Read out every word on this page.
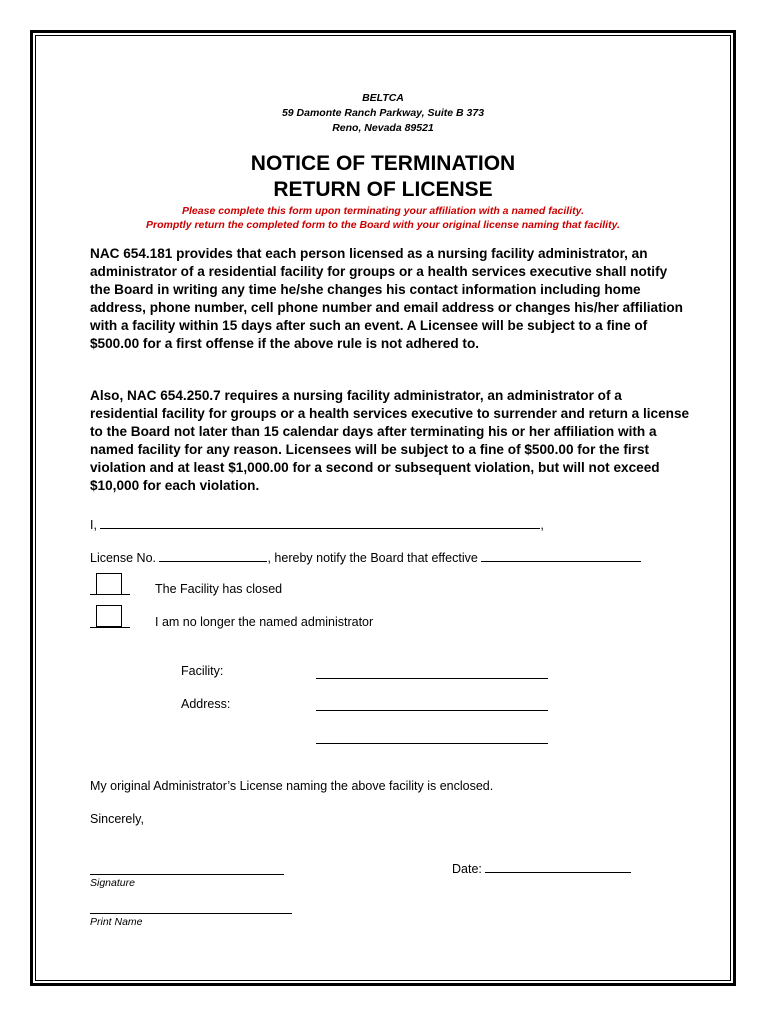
BELTCA
59 Damonte Ranch Parkway, Suite B 373
Reno, Nevada 89521
NOTICE OF TERMINATION
RETURN OF LICENSE
Please complete this form upon terminating your affiliation with a named facility.
Promptly return the completed form to the Board with your original license naming that facility.

NAC 654.181 provides that each person licensed as a nursing facility administrator, an administrator of a residential facility for groups or a health services executive shall notify the Board in writing any time he/she changes his contact information including home address, phone number, cell phone number and email address or changes his/her affiliation with a facility within 15 days after such an event. A Licensee will be subject to a fine of $500.00 for a first offense if the above rule is not adhered to.

Also, NAC 654.250.7 requires a nursing facility administrator, an administrator of a residential facility for groups or a health services executive to surrender and return a license to the Board not later than 15 calendar days after terminating his or her affiliation with a named facility for any reason. Licensees will be subject to a fine of $500.00 for the first violation and at least $1,000.00 for a second or subsequent violation, but will not exceed $10,000 for each violation.

I,	,
License No.	, hereby notify the Board that effective
The Facility has closed
I am no longer the named administrator
Facility:
Address:
My original Administrator’s License naming the above facility is enclosed.
Sincerely,
Signature
Date:
Print Name
